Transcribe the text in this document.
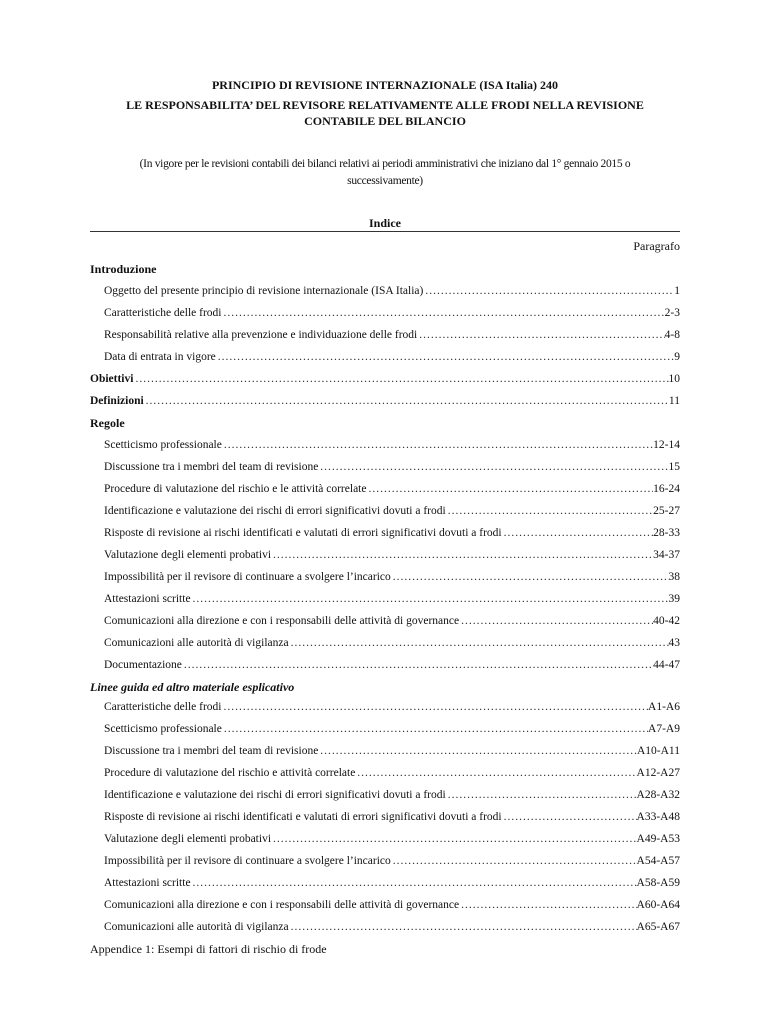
PRINCIPIO DI REVISIONE INTERNAZIONALE (ISA Italia) 240
LE RESPONSABILITA’ DEL REVISORE RELATIVAMENTE ALLE FRODI NELLA REVISIONE CONTABILE DEL BILANCIO
(In vigore per le revisioni contabili dei bilanci relativi ai periodi amministrativi che iniziano dal 1° gennaio 2015 o successivamente)
Indice
Paragrafo
Introduzione
Oggetto del presente principio di revisione internazionale (ISA Italia) .....	1
Caratteristiche delle frodi .....	2-3
Responsabilità relative alla prevenzione e individuazione delle frodi .....	4-8
Data di entrata in vigore .....	9
Obiettivi .....	10
Definizioni .....	11
Regole
Scetticismo professionale .....	12-14
Discussione tra i membri del team di revisione .....	15
Procedure di valutazione del rischio e le attività correlate .....	16-24
Identificazione e valutazione dei rischi di errori significativi dovuti a frodi .....	25-27
Risposte di revisione ai rischi identificati e valutati di errori significativi dovuti a frodi .....	28-33
Valutazione degli elementi probativi .....	34-37
Impossibilità per il revisore di continuare a svolgere l’incarico .....	38
Attestazioni scritte .....	39
Comunicazioni alla direzione e con i responsabili delle attività di governance .....	40-42
Comunicazioni alle autorità di vigilanza .....	43
Documentazione .....	44-47
Linee guida ed altro materiale esplicativo
Caratteristiche delle frodi .....	A1-A6
Scetticismo professionale .....	A7-A9
Discussione tra i membri del team di revisione .....	A10-A11
Procedure di valutazione del rischio e attività correlate .....	A12-A27
Identificazione e valutazione dei rischi di errori significativi dovuti a frodi .....	A28-A32
Risposte di revisione ai rischi identificati e valutati di errori significativi dovuti a frodi .....	A33-A48
Valutazione degli elementi probativi .....	A49-A53
Impossibilità per il revisore di continuare a svolgere l’incarico .....	A54-A57
Attestazioni scritte .....	A58-A59
Comunicazioni alla direzione e con i responsabili delle attività di governance .....	A60-A64
Comunicazioni alle autorità di vigilanza .....	A65-A67
Appendice 1: Esempi di fattori di rischio di frode
